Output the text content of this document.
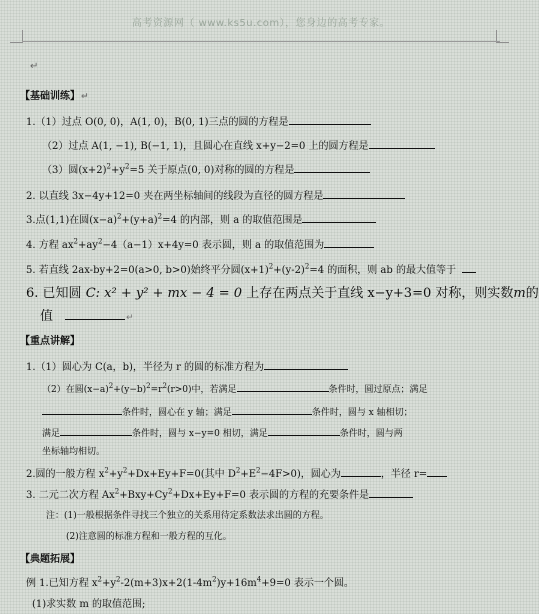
高考资源网（ www.ks5u.com），您身边的高考专家。
↵
【基础训练】↵
1.（1）过点 O(0, 0)，A(1, 0)，B(0, 1)三点的圆的方程是
（2）过点 A(1, −1), B(−1, 1)，且圆心在直线 x+y−2=0 上的圆方程是
（3）圆$(x+2)^2+y^2=5$ 关于原点(0, 0)对称的圆的方程是
2. 以直线 3x−4y+12=0 夹在两坐标轴间的线段为直径的圆方程是
3.点(1,1)在圆$(x-a)^2+(y+a)^2=4$ 的内部，则 a 的取值范围是
4. 方程 $ax^2+ay^2-4(a-1)x+4y=0$ 表示圆，则 a 的取值范围为
5. 若直线 2ax-by+2=0(a>0, b>0)始终平分圆$(x+1)^2+(y-2)^2=4$ 的面积，则 ab 的最大值等于
6. 已知圆 C: x² + y² + mx − 4 = 0 上存在两点关于直线 x−y+3=0 对称，则实数m的
值	↵
【重点讲解】
1.（1）圆心为 C(a，b)，半径为 r 的圆的标准方程为
（2）在圆$(x-a)^2+(y-b)^2=r^2(r>0)$中，若满足	条件时，圆过原点；满足
条件时，圆心在 y 轴；满足	条件时，圆与 x 轴相切；
满足	条件时，圆与 x−y=0 相切，满足	条件时，圆与两
坐标轴均相切。
2.圆的一般方程 $x^2+y^2+Dx+Ey+F=0$(其中 $D^2+E^2-4F>0$)，圆心为	，半径 r=
3. 二元二次方程 $Ax^2+Bxy+Cy^2+Dx+Ey+F=0$ 表示圆的方程的充要条件是
注：(1)一般根据条件寻找三个独立的关系用待定系数法求出圆的方程。
(2)注意圆的标准方程和一般方程的互化。
【典题拓展】
例 1.已知方程 $x^2+y^2-2(m+3)x+2(1-4m^2)y+16m^4+9=0$ 表示一个圆。
(1)求实数 m 的取值范围;
